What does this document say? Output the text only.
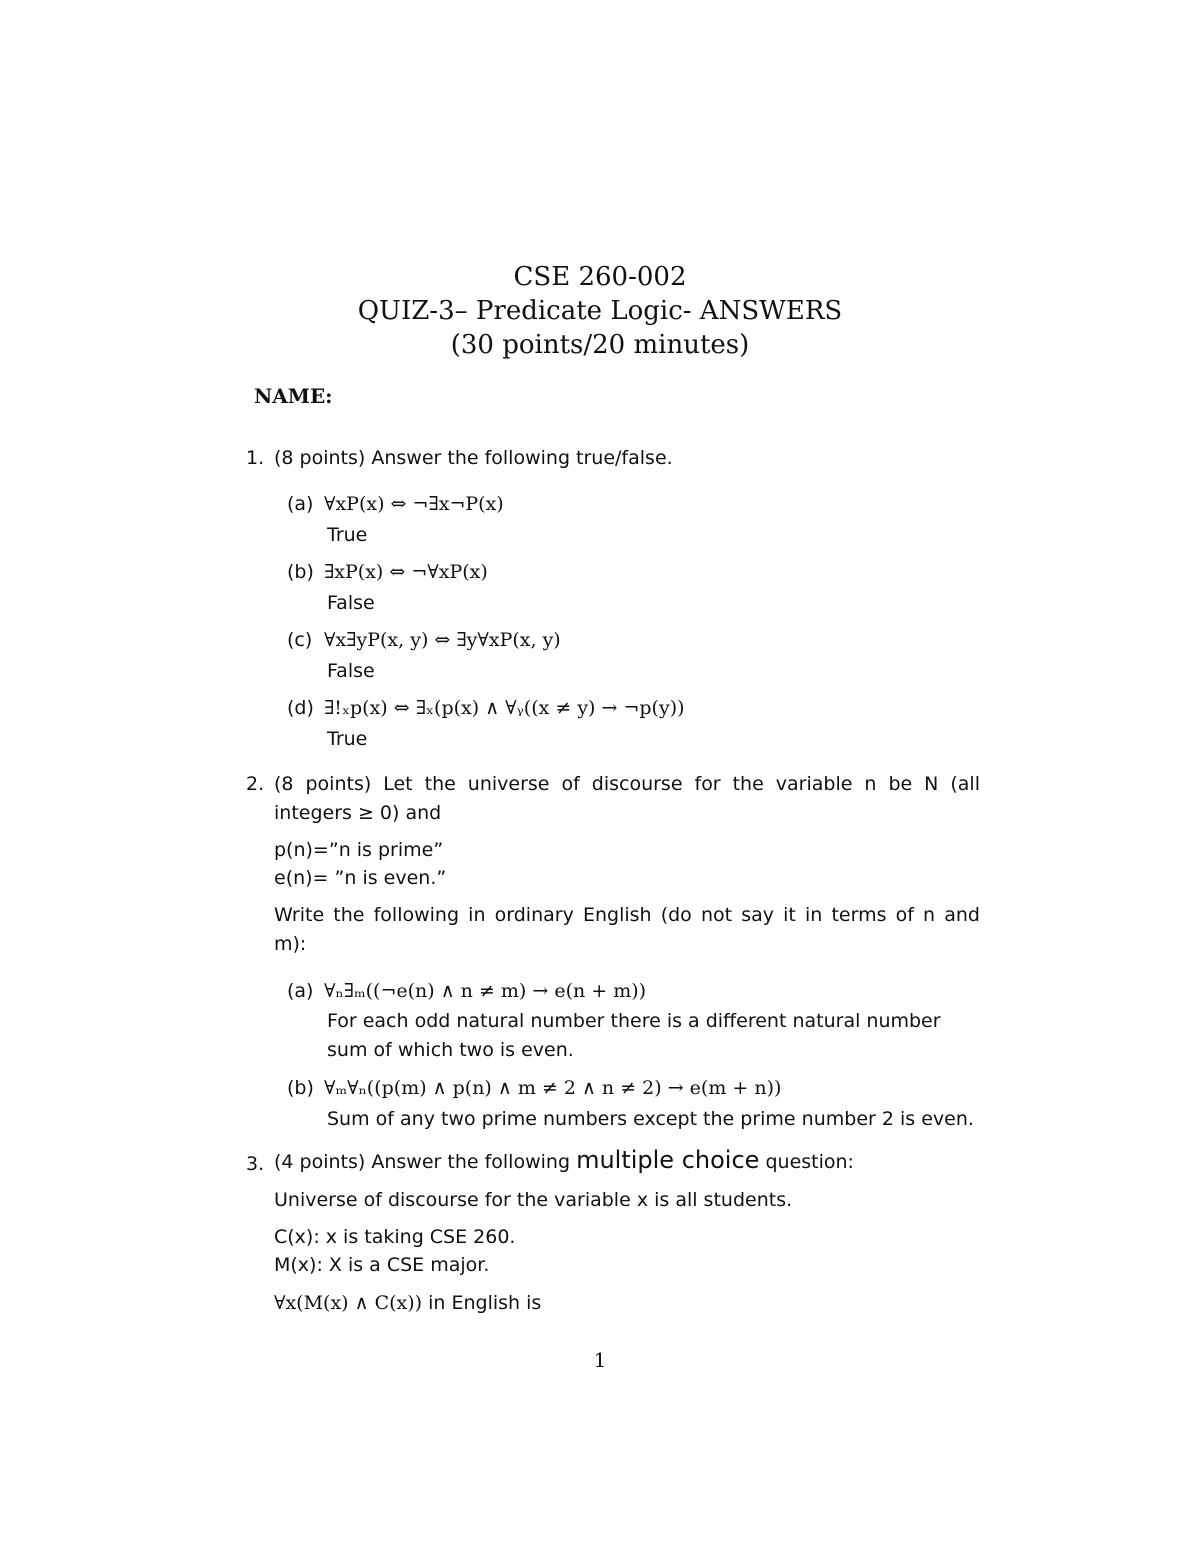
CSE 260-002
QUIZ-3– Predicate Logic- ANSWERS
(30 points/20 minutes)
NAME:
1. (8 points) Answer the following true/false.
(a) ∀xP(x) ⇔ ¬∃x¬P(x)
True
(b) ∃xP(x) ⇔ ¬∀xP(x)
False
(c) ∀x∃yP(x, y) ⇔ ∃y∀xP(x, y)
False
(d) ∃!ₓp(x) ⇔ ∃ₓ(p(x) ∧ ∀ᵧ((x ≠ y) → ¬p(y))
True
2. (8 points) Let the universe of discourse for the variable n be N (all
integers ≥ 0) and
p(n)=”n is prime”
e(n)= ”n is even.”
Write the following in ordinary English (do not say it in terms of n and
m):
(a) ∀ₙ∃ₘ((¬e(n) ∧ n ≠ m) → e(n + m))
For each odd natural number there is a different natural number
sum of which two is even.
(b) ∀ₘ∀ₙ((p(m) ∧ p(n) ∧ m ≠ 2 ∧ n ≠ 2) → e(m + n))
Sum of any two prime numbers except the prime number 2 is even.
3. (4 points) Answer the following multiple choice question:
Universe of discourse for the variable x is all students.
C(x): x is taking CSE 260.
M(x): X is a CSE major.
∀x(M(x) ∧ C(x)) in English is
1
